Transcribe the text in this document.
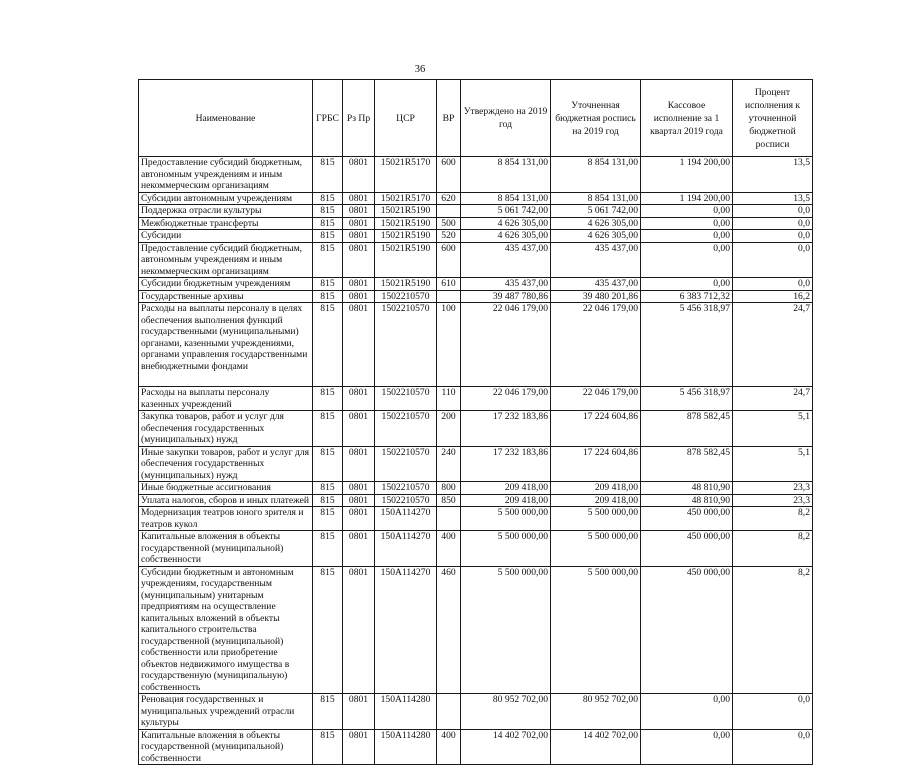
36
Наименование	ГРБС	Рз Пр	ЦСР	ВР	Утверждено на 2019 год	Уточненная бюджетная роспись на 2019 год	Кассовое исполнение за 1 квартал 2019 года	Процент исполнения к уточненной бюджетной росписи
Предоставление субсидий бюджетным, автономным учреждениям и иным некоммерческим организациям	815	0801	15021R5170	600	8 854 131,00	8 854 131,00	1 194 200,00	13,5
Субсидии автономным учреждениям	815	0801	15021R5170	620	8 854 131,00	8 854 131,00	1 194 200,00	13,5
Поддержка отрасли культуры	815	0801	15021R5190		5 061 742,00	5 061 742,00	0,00	0,0
Межбюджетные трансферты	815	0801	15021R5190	500	4 626 305,00	4 626 305,00	0,00	0,0
Субсидии	815	0801	15021R5190	520	4 626 305,00	4 626 305,00	0,00	0,0
Предоставление субсидий бюджетным, автономным учреждениям и иным некоммерческим организациям	815	0801	15021R5190	600	435 437,00	435 437,00	0,00	0,0
Субсидии бюджетным учреждениям	815	0801	15021R5190	610	435 437,00	435 437,00	0,00	0,0
Государственные архивы	815	0801	1502210570		39 487 780,86	39 480 201,86	6 383 712,32	16,2
Расходы на выплаты персоналу в целях обеспечения выполнения функций государственными (муниципальными) органами, казенными учреждениями, органами управления государственными внебюджетными фондами	815	0801	1502210570	100	22 046 179,00	22 046 179,00	5 456 318,97	24,7
Расходы на выплаты персоналу казенных учреждений	815	0801	1502210570	110	22 046 179,00	22 046 179,00	5 456 318,97	24,7
Закупка товаров, работ и услуг для обеспечения государственных (муниципальных) нужд	815	0801	1502210570	200	17 232 183,86	17 224 604,86	878 582,45	5,1
Иные закупки товаров, работ и услуг для обеспечения государственных (муниципальных) нужд	815	0801	1502210570	240	17 232 183,86	17 224 604,86	878 582,45	5,1
Иные бюджетные ассигнования	815	0801	1502210570	800	209 418,00	209 418,00	48 810,90	23,3
Уплата налогов, сборов и иных платежей	815	0801	1502210570	850	209 418,00	209 418,00	48 810,90	23,3
Модернизация театров юного зрителя и театров кукол	815	0801	150A114270		5 500 000,00	5 500 000,00	450 000,00	8,2
Капитальные вложения в объекты государственной (муниципальной) собственности	815	0801	150A114270	400	5 500 000,00	5 500 000,00	450 000,00	8,2
Субсидии бюджетным и автономным учреждениям, государственным (муниципальным) унитарным предприятиям на осуществление капитальных вложений в объекты капитального строительства государственной (муниципальной) собственности или приобретение объектов недвижимого имущества в государственную (муниципальную) собственность	815	0801	150A114270	460	5 500 000,00	5 500 000,00	450 000,00	8,2
Реновация государственных и муниципальных учреждений отрасли культуры	815	0801	150A114280		80 952 702,00	80 952 702,00	0,00	0,0
Капитальные вложения в объекты государственной (муниципальной) собственности	815	0801	150A114280	400	14 402 702,00	14 402 702,00	0,00	0,0
